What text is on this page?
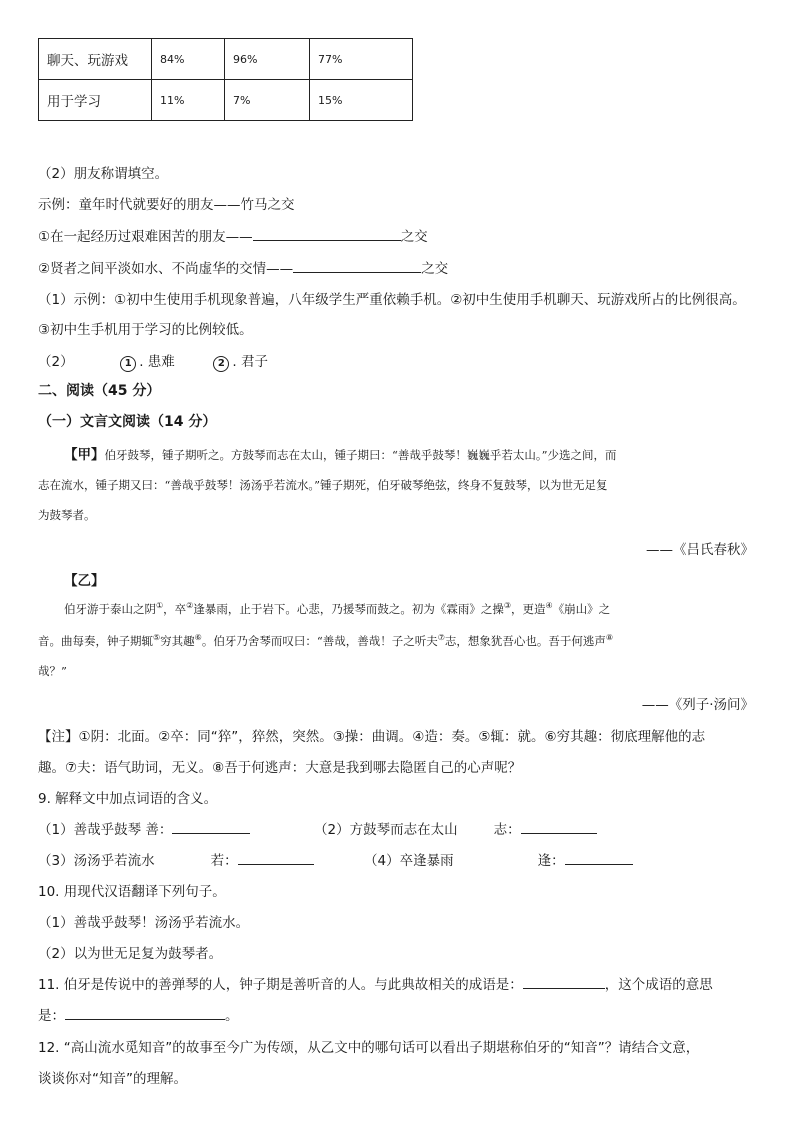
聊天、玩游戏	84%	96%	77%
用于学习	11%	7%	15%
（2）朋友称谓填空。
示例：童年时代就要好的朋友——竹马之交
①在一起经历过艰难困苦的朋友——	之交
②贤者之间平淡如水、不尚虚华的交情——	之交
（1）示例：①初中生使用手机现象普遍，八年级学生严重依赖手机。②初中生使用手机聊天、玩游戏所占的比例很高。
③初中生手机用于学习的比例较低。
（2）	1 . 患难	2 . 君子
二、阅读（45 分）
（一）文言文阅读（14 分）
【甲】伯牙鼓琴，锺子期听之。方鼓琴而志在太山，锺子期曰：“善哉乎鼓琴！巍巍乎若太山。”少选之间，而
志在流水，锺子期又曰：“善哉乎鼓琴！汤汤乎若流水。”锺子期死，伯牙破琴绝弦，终身不复鼓琴，以为世无足复
为鼓琴者。
——《吕氏春秋》
【乙】
伯牙游于泰山之阴①，卒②逢暴雨，止于岩下。心悲，乃援琴而鼓之。初为《霖雨》之操③，更造④《崩山》之
音。曲每奏，钟子期辄⑤穷其趣⑥。伯牙乃舍琴而叹曰：“善哉，善哉！子之听夫⑦志，想象犹吾心也。吾于何逃声⑧
哉？”
——《列子·汤问》
【注】①阴：北面。②卒：同“猝”，猝然，突然。③操：曲调。④造：奏。⑤辄：就。⑥穷其趣：彻底理解他的志
趣。⑦夫：语气助词，无义。⑧吾于何逃声：大意是我到哪去隐匿自己的心声呢？
9. 解释文中加点词语的含义。
（1）善哉乎鼓琴 善：	（2）方鼓琴而志在太山	志：
（3）汤汤乎若流水	若：	（4）卒逢暴雨	逢：
10. 用现代汉语翻译下列句子。
（1）善哉乎鼓琴！汤汤乎若流水。
（2）以为世无足复为鼓琴者。
11. 伯牙是传说中的善弹琴的人，钟子期是善听音的人。与此典故相关的成语是：	，这个成语的意思
是：	。
12. “高山流水觅知音”的故事至今广为传颂，从乙文中的哪句话可以看出子期堪称伯牙的“知音”？请结合文意，
谈谈你对“知音”的理解。
